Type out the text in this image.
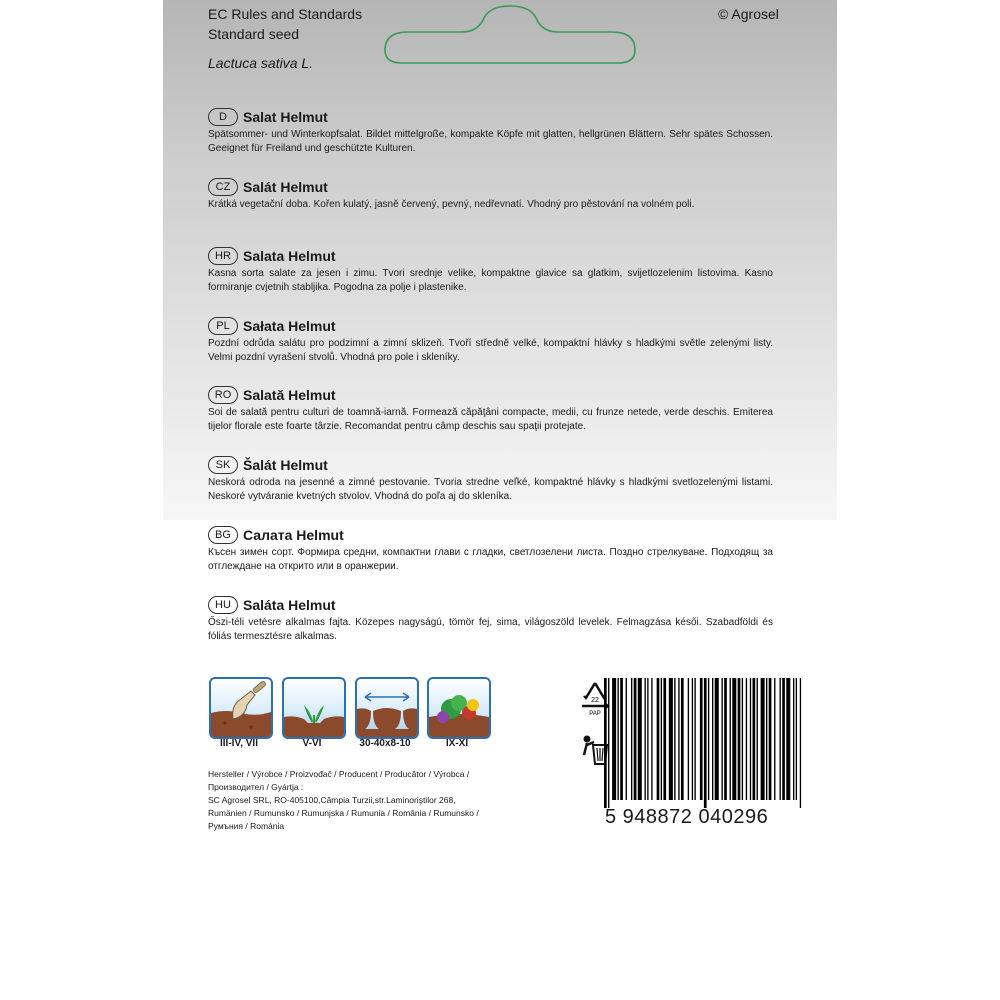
EC Rules and Standards
Standard seed
Lactuca sativa L.
© Agrosel
D	Salat Helmut
Spätsommer- und Winterkopfsalat. Bildet mittelgroße, kompakte Köpfe mit glatten, hellgrünen Blättern. Sehr spätes Schossen. Geeignet für Freiland und geschützte Kulturen.
CZ Salát Helmut
Krátká vegetační doba. Kořen kulatý, jasně červený, pevný, nedřevnatí. Vhodný pro pěstování na volném poli.
HR Salata Helmut
Kasna sorta salate za jesen i zimu. Tvori srednje velike, kompaktne glavice sa glatkim, svijetlozelenim listovima. Kasno formiranje cvjetnih stabljika. Pogodna za polje i plastenike.
PL Sałata Helmut
Pozdní odrůda salátu pro podzimní a zimní sklizeň. Tvoří středně velké, kompaktní hlávky s hladkými světle zelenými listy. Velmi pozdní vyrašení stvolů. Vhodná pro pole i skleníky.
RO Salată Helmut
Soi de salată pentru culturi de toamnă-iarnă. Formează căpăţâni compacte, medii, cu frunze netede, verde deschis. Emiterea tijelor florale este foarte târzie. Recomandat pentru câmp deschis sau spaţii protejate.
SK Šalát Helmut
Neskorá odroda na jesenné a zimné pestovanie. Tvoria stredne veľké, kompaktné hlávky s hladkými svetlozelenými listami. Neskoré vytváranie kvetných stvolov. Vhodná do poľa aj do skleníka.
BG Салата Helmut
Късен зимен сорт. Формира средни, компактни глави с гладки, светлозелени листа. Поздно стрелкуване. Подходящ за отглеждане на открито или в оранжерии.
HU Saláta Helmut
Őszi-téli vetésre alkalmas fajta. Közepes nagyságú, tömör fej, sima, világoszöld levelek. Felmagzása késői. Szabadföldi és fóliás termesztésre alkalmas.
III-IV, VII	V-VI	30-40x8-10	IX-XI
Hersteller / Výrobce / Proizvođač / Producent / Producător / Výrobca / Производител / Gyártja :
SC Agrosel SRL, RO-405100,Câmpia Turzii,str.Laminoriştilor 268,
Rumänien / Rumunsko / Rumunjska / Rumunia / România / Rumunsko / Румъния / Románia
22
PAP
5 948872 040296
